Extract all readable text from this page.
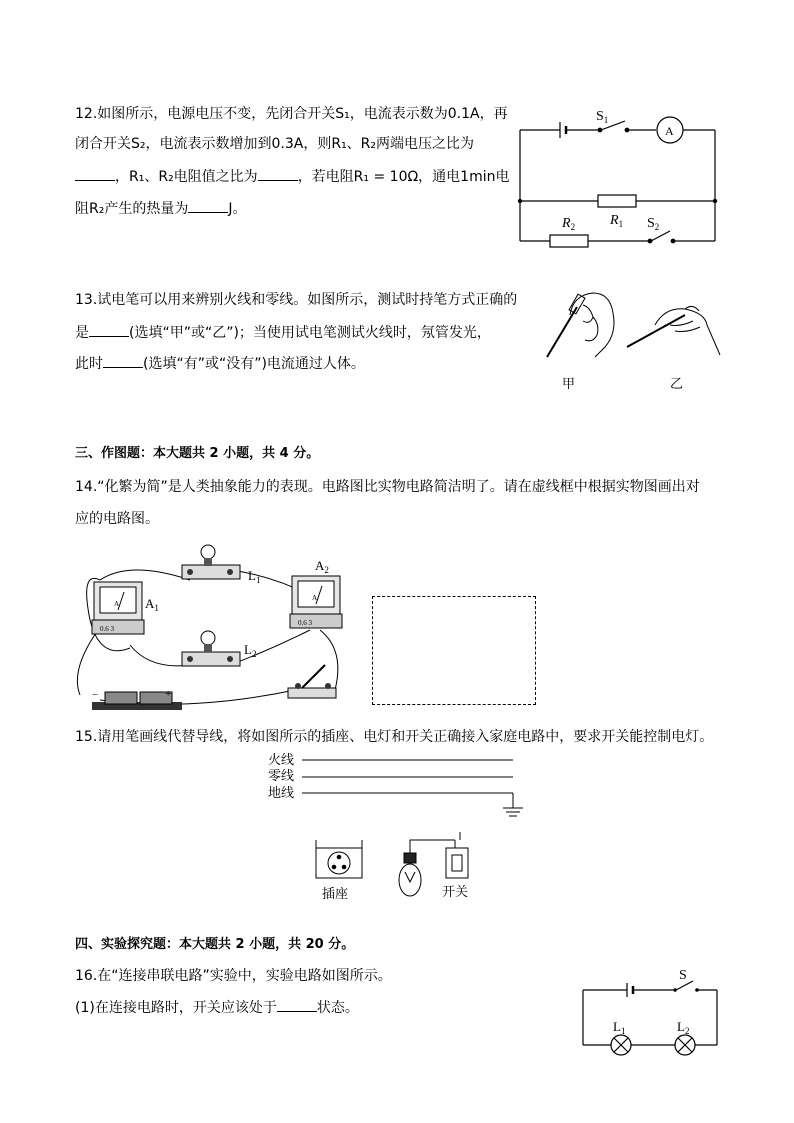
12.如图所示，电源电压不变，先闭合开关S₁，电流表示数为0.1A，再
闭合开关S₂，电流表示数增加到0.3A，则R₁、R₂两端电压之比为
，R₁、R₂电阻值之比为	，若电阻R₁ = 10Ω，通电1min电
阻R₂产生的热量为	J。
$S_1$
A
$R_1$
$R_2$	$S_2$
13.试电笔可以用来辨别火线和零线。如图所示，测试时持笔方式正确的
是	(选填“甲”或“乙”)；当使用试电笔测试火线时，氖管发光，
此时	(选填“有”或“没有”)电流通过人体。
甲	乙
三、作图题：本大题共 2 小题，共 4 分。
14.“化繁为简”是人类抽象能力的表现。电路图比实物电路简洁明了。请在虚线框中根据实物图画出对
应的电路图。
$L_1$
$L_2$
A
0.6 3
$A_1$
A
0.6 3
$A_2$
−	+
15.请用笔画线代替导线，将如图所示的插座、电灯和开关正确接入家庭电路中，要求开关能控制电灯。
火线
零线
地线
插座	开关
四、实验探究题：本大题共 2 小题，共 20 分。
16.在“连接串联电路”实验中，实验电路如图所示。
(1)在连接电路时，开关应该处于	状态。
S
$L_1$	$L_2$
